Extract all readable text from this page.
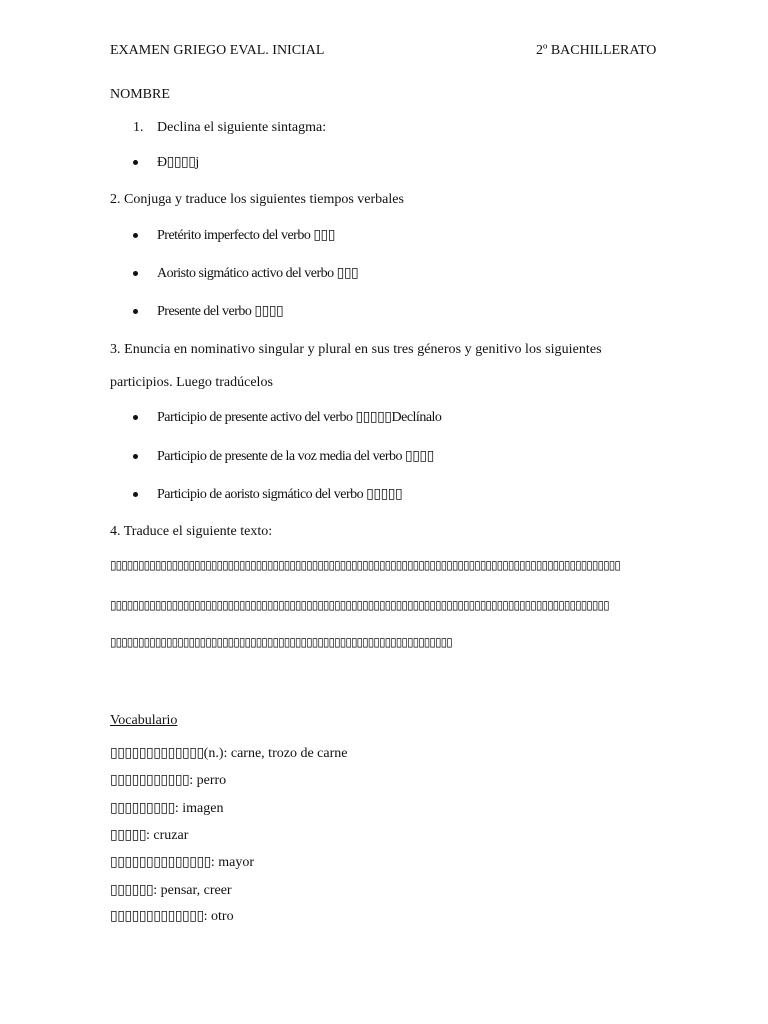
EXAMEN GRIEGO EVAL. INICIAL	2º BACHILLERATO
NOMBRE
1. Declina el siguiente sintagma:
Ð▯▯▯▯j
2. Conjuga y traduce los siguientes tiempos verbales
Pretérito imperfecto del verbo ▯▯▯
Aoristo sigmático activo del verbo ▯▯▯
Presente del verbo ▯▯▯▯
3. Enuncia en nominativo singular y plural en sus tres géneros y genitivo los siguientes
participios. Luego tradúcelos
Participio de presente activo del verbo ▯▯▯▯▯Declínalo
Participio de presente de la voz media del verbo ▯▯▯▯
Participio de aoristo sigmático del verbo ▯▯▯▯▯
4. Traduce el siguiente texto:
▯▯▯▯▯▯▯▯▯▯▯▯▯▯▯▯▯▯▯▯▯▯▯▯▯▯▯▯▯▯▯▯▯▯▯▯▯▯▯▯▯▯▯▯▯▯▯▯▯▯▯▯▯▯▯▯▯▯▯▯▯▯▯▯▯▯▯▯▯▯▯▯▯▯▯▯▯▯▯▯▯▯▯▯▯▯▯▯▯▯▯
▯▯▯▯▯▯▯▯▯▯▯▯▯▯▯▯▯▯▯▯▯▯▯▯▯▯▯▯▯▯▯▯▯▯▯▯▯▯▯▯▯▯▯▯▯▯▯▯▯▯▯▯▯▯▯▯▯▯▯▯▯▯▯▯▯▯▯▯▯▯▯▯▯▯▯▯▯▯▯▯▯▯▯▯▯▯▯▯▯
▯▯▯▯▯▯▯▯▯▯▯▯▯▯▯▯▯▯▯▯▯▯▯▯▯▯▯▯▯▯▯▯▯▯▯▯▯▯▯▯▯▯▯▯▯▯▯▯▯▯▯▯▯▯▯▯▯▯▯▯▯
Vocabulario
▯▯▯▯▯▯▯▯▯▯▯▯▯(n.): carne, trozo de carne
▯▯▯▯▯▯▯▯▯▯▯: perro
▯▯▯▯▯▯▯▯▯: imagen
▯▯▯▯▯: cruzar
▯▯▯▯▯▯▯▯▯▯▯▯▯▯: mayor
▯▯▯▯▯▯: pensar, creer
▯▯▯▯▯▯▯▯▯▯▯▯▯: otro
